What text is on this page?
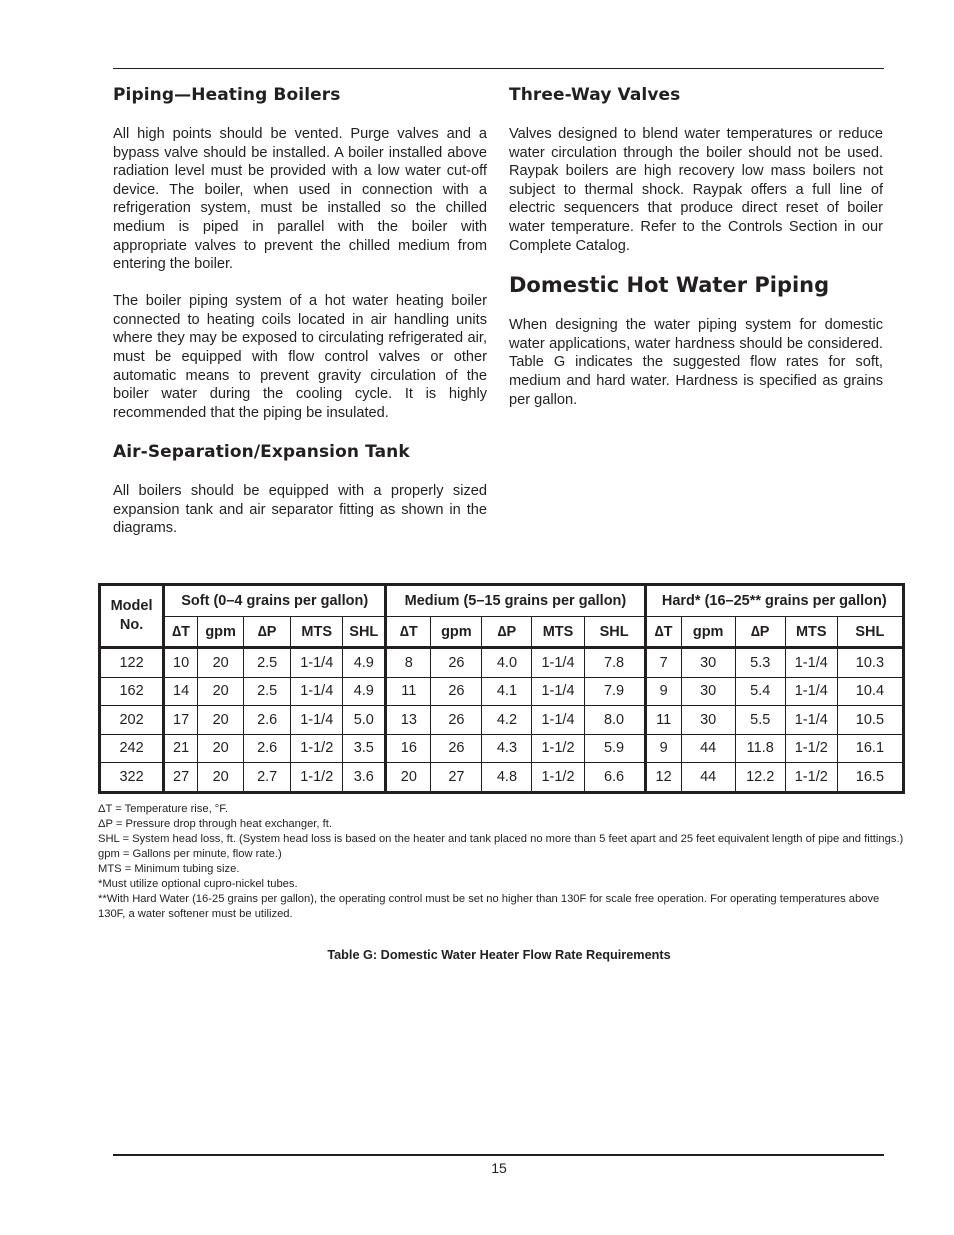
Piping—Heating Boilers

All high points should be vented. Purge valves and a bypass valve should be installed. A boiler installed above radiation level must be provided with a low water cut-off device. The boiler, when used in connection with a refrigeration system, must be installed so the chilled medium is piped in parallel with the boiler with appropriate valves to prevent the chilled medium from entering the boiler.

The boiler piping system of a hot water heating boiler connected to heating coils located in air handling units where they may be exposed to circulating refrigerated air, must be equipped with flow control valves or other automatic means to prevent gravity circulation of the boiler water during the cooling cycle. It is highly recommended that the piping be insulated.

Air-Separation/Expansion Tank

All boilers should be equipped with a properly sized expansion tank and air separator fitting as shown in the diagrams.

Three-Way Valves

Valves designed to blend water temperatures or reduce water circulation through the boiler should not be used. Raypak boilers are high recovery low mass boilers not subject to thermal shock. Raypak offers a full line of electric sequencers that produce direct reset of boiler water temperature. Refer to the Controls Section in our Complete Catalog.

Domestic Hot Water Piping

When designing the water piping system for domestic water applications, water hardness should be considered. Table G indicates the suggested flow rates for soft, medium and hard water. Hardness is specified as grains per gallon.

Model No.	Soft (0–4 grains per gallon)					Medium (5–15 grains per gallon)					Hard* (16–25** grains per gallon)				
	∆T	gpm	∆P	MTS	SHL	∆T	gpm	∆P	MTS	SHL	∆T	gpm	∆P	MTS	SHL
122	10	20	2.5	1-1/4	4.9	8	26	4.0	1-1/4	7.8	7	30	5.3	1-1/4	10.3
162	14	20	2.5	1-1/4	4.9	11	26	4.1	1-1/4	7.9	9	30	5.4	1-1/4	10.4
202	17	20	2.6	1-1/4	5.0	13	26	4.2	1-1/4	8.0	11	30	5.5	1-1/4	10.5
242	21	20	2.6	1-1/2	3.5	16	26	4.3	1-1/2	5.9	9	44	11.8	1-1/2	16.1
322	27	20	2.7	1-1/2	3.6	20	27	4.8	1-1/2	6.6	12	44	12.2	1-1/2	16.5
ΔT = Temperature rise, °F.
ΔP = Pressure drop through heat exchanger, ft.
SHL = System head loss, ft. (System head loss is based on the heater and tank placed no more than 5 feet apart and 25 feet equivalent length of pipe and fittings.)
gpm = Gallons per minute, flow rate.)
MTS = Minimum tubing size.
*Must utilize optional cupro-nickel tubes.
**With Hard Water (16-25 grains per gallon), the operating control must be set no higher than 130F for scale free operation. For operating temperatures above 130F, a water softener must be utilized.
Table G: Domestic Water Heater Flow Rate Requirements
15
